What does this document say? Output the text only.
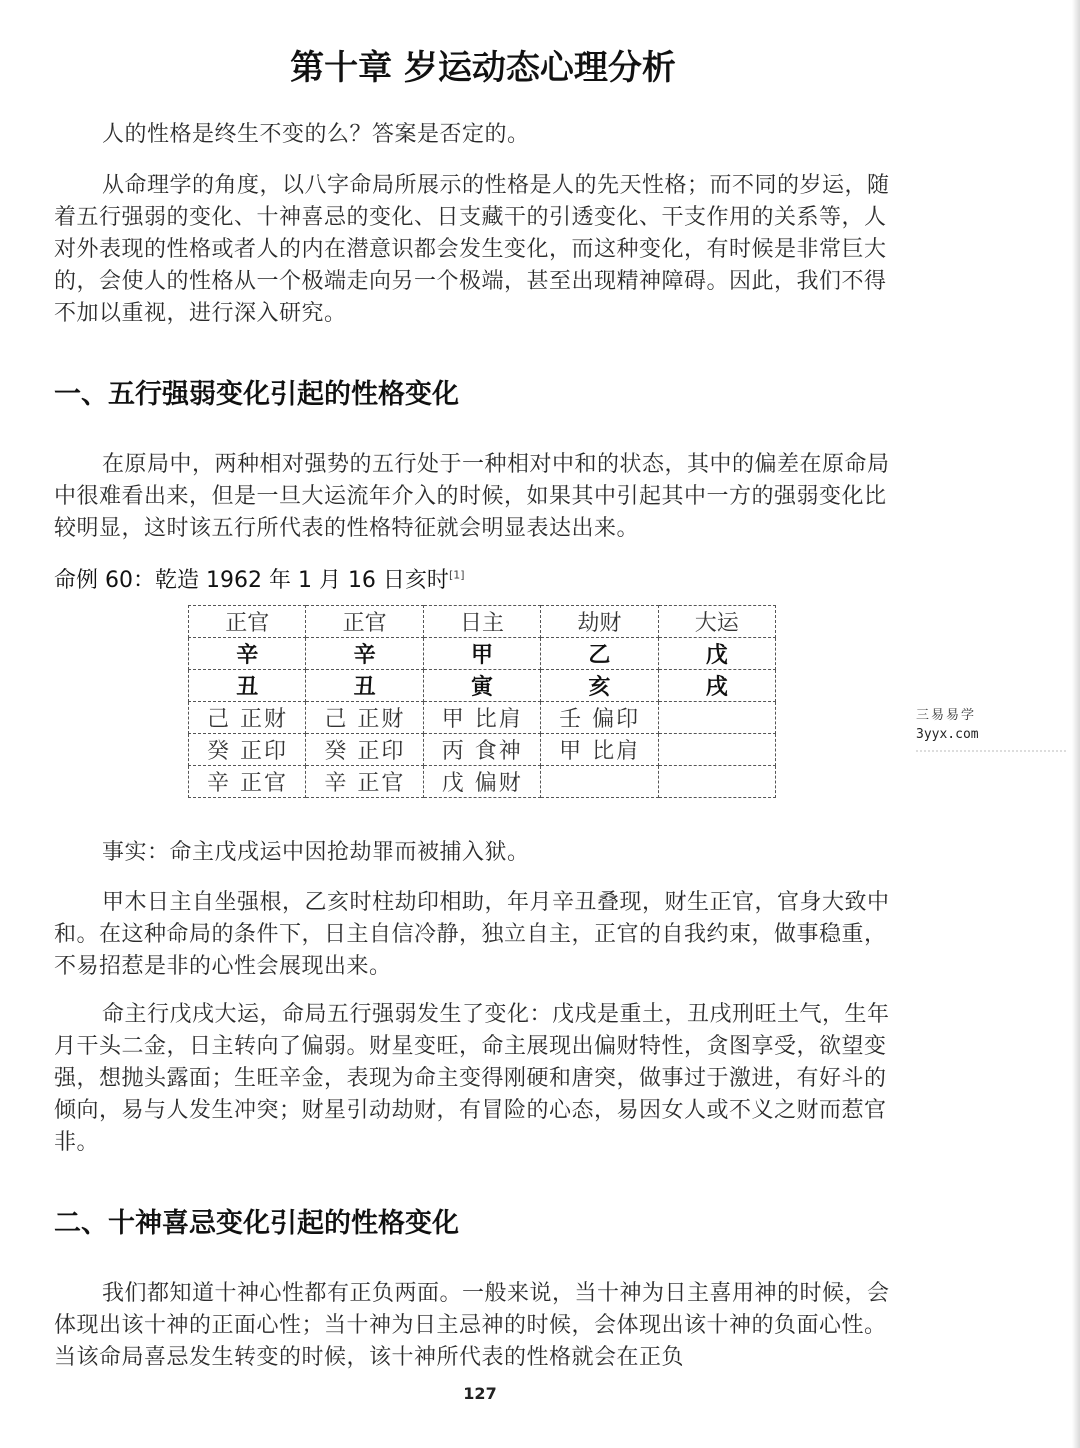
第十章 岁运动态心理分析

人的性格是终生不变的么？答案是否定的。

从命理学的角度，以八字命局所展示的性格是人的先天性格；而不同的岁运，随着五行强弱的变化、十神喜忌的变化、日支藏干的引透变化、干支作用的关系等，人对外表现的性格或者人的内在潜意识都会发生变化，而这种变化，有时候是非常巨大的，会使人的性格从一个极端走向另一个极端，甚至出现精神障碍。因此，我们不得不加以重视，进行深入研究。

一、五行强弱变化引起的性格变化

在原局中，两种相对强势的五行处于一种相对中和的状态，其中的偏差在原命局中很难看出来，但是一旦大运流年介入的时候，如果其中引起其中一方的强弱变化比较明显，这时该五行所代表的性格特征就会明显表达出来。

命例 60：乾造 1962 年 1 月 16 日亥时[1]
正官	正官	日主	劫财	大运
辛	辛	甲	乙	戊
丑	丑	寅	亥	戌
己 正财	己 正财	甲 比肩	壬 偏印	
癸 正印	癸 正印	丙 食神	甲 比肩	
辛 正官	辛 正官	戊 偏财		
三易易学
3yyx.com

事实：命主戊戌运中因抢劫罪而被捕入狱。

甲木日主自坐强根，乙亥时柱劫印相助，年月辛丑叠现，财生正官，官身大致中和。在这种命局的条件下，日主自信冷静，独立自主，正官的自我约束，做事稳重，不易招惹是非的心性会展现出来。

命主行戊戌大运，命局五行强弱发生了变化：戊戌是重土，丑戌刑旺土气，生年月干头二金，日主转向了偏弱。财星变旺，命主展现出偏财特性，贪图享受，欲望变强，想抛头露面；生旺辛金，表现为命主变得刚硬和唐突，做事过于激进，有好斗的倾向，易与人发生冲突；财星引动劫财，有冒险的心态，易因女人或不义之财而惹官非。

二、十神喜忌变化引起的性格变化

我们都知道十神心性都有正负两面。一般来说，当十神为日主喜用神的时候，会体现出该十神的正面心性；当十神为日主忌神的时候，会体现出该十神的负面心性。当该命局喜忌发生转变的时候，该十神所代表的性格就会在正负

127
